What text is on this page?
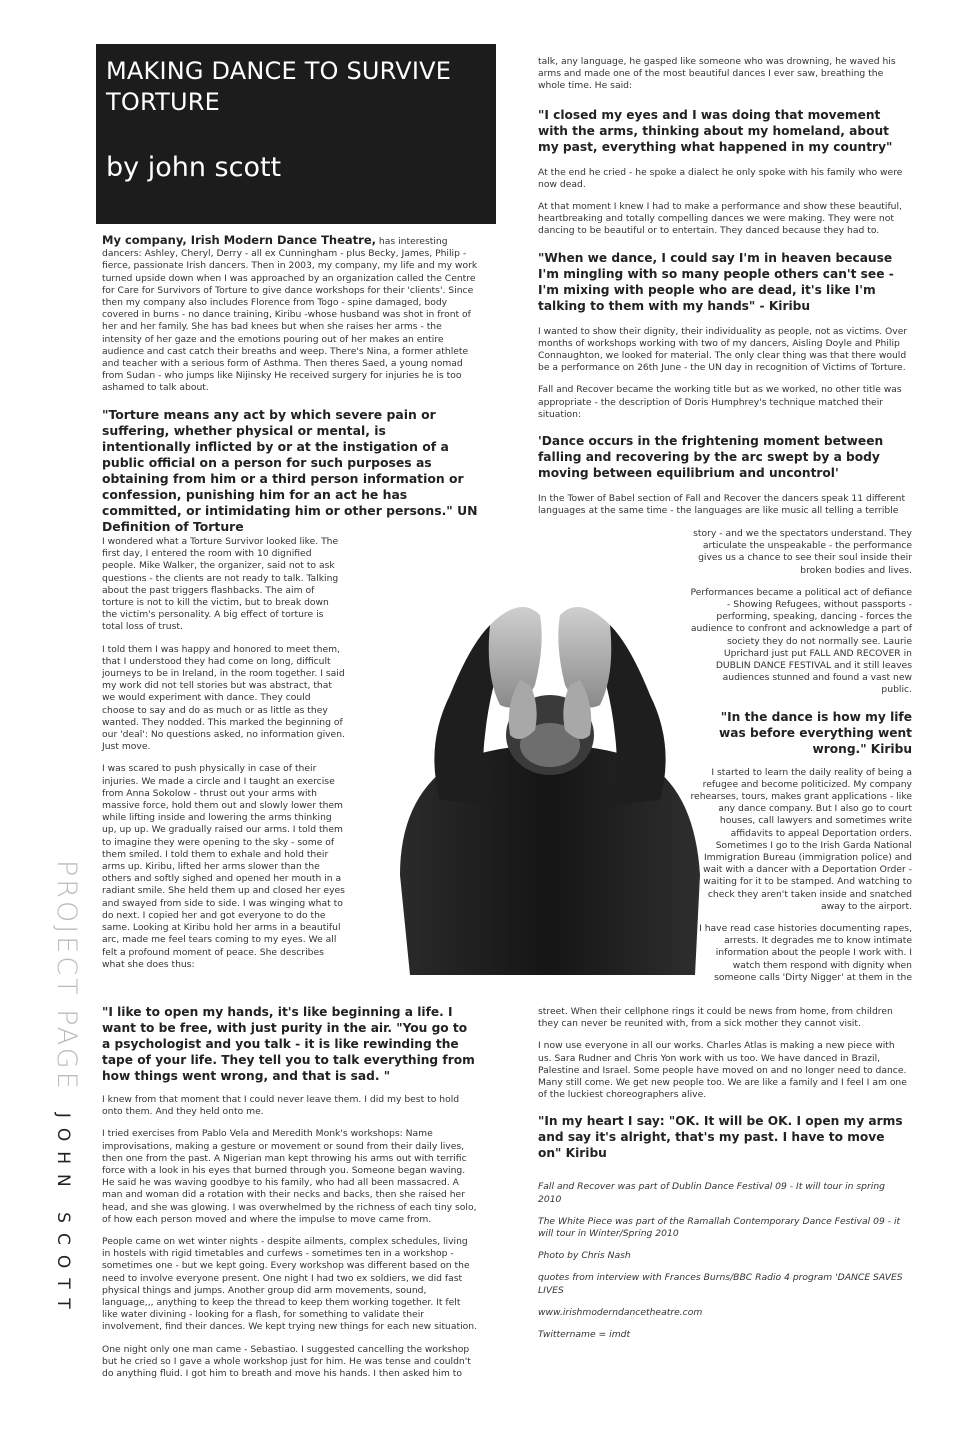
MAKING DANCE TO SURVIVE TORTURE
by john scott
PROJECT PAGE JOHN SCOTT

My company, Irish Modern Dance Theatre, has interesting dancers: Ashley, Cheryl, Derry - all ex Cunningham - plus Becky, James, Philip - fierce, passionate Irish dancers. Then in 2003, my company, my life and my work turned upside down when I was approached by an organization called the Centre for Care for Survivors of Torture to give dance workshops for their 'clients'. Since then my company also includes Florence from Togo - spine damaged, body covered in burns - no dance training, Kiribu -whose husband was shot in front of her and her family. She has bad knees but when she raises her arms - the intensity of her gaze and the emotions pouring out of her makes an entire audience and cast catch their breaths and weep. There's Nina, a former athlete and teacher with a serious form of Asthma. Then theres Saed, a young nomad from Sudan - who jumps like Nijinsky He received surgery for injuries he is too ashamed to talk about.

"Torture means any act by which severe pain or suffering, whether physical or mental, is intentionally inflicted by or at the instigation of a public official on a person for such purposes as obtaining from him or a third person information or confession, punishing him for an act he has committed, or intimidating him or other persons." UN Definition of Torture

I wondered what a Torture Survivor looked like. The first day, I entered the room with 10 dignified people. Mike Walker, the organizer, said not to ask questions - the clients are not ready to talk. Talking about the past triggers flashbacks. The aim of torture is not to kill the victim, but to break down the victim's personality. A big effect of torture is total loss of trust.

I told them I was happy and honored to meet them, that I understood they had come on long, difficult journeys to be in Ireland, in the room together. I said my work did not tell stories but was abstract, that we would experiment with dance. They could choose to say and do as much or as little as they wanted. They nodded. This marked the beginning of our 'deal': No questions asked, no information given. Just move.

I was scared to push physically in case of their injuries. We made a circle and I taught an exercise from Anna Sokolow - thrust out your arms with massive force, hold them out and slowly lower them while lifting inside and lowering the arms thinking up, up up. We gradually raised our arms. I told them to imagine they were opening to the sky - some of them smiled. I told them to exhale and hold their arms up. Kiribu, lifted her arms slower than the others and softly sighed and opened her mouth in a radiant smile. She held them up and closed her eyes and swayed from side to side. I was winging what to do next. I copied her and got everyone to do the same. Looking at Kiribu hold her arms in a beautiful arc, made me feel tears coming to my eyes. We all felt a profound moment of peace. She describes what she does thus:

"I like to open my hands, it's like beginning a life. I want to be free, with just purity in the air. "You go to a psychologist and you talk - it is like rewinding the tape of your life. They tell you to talk everything from how things went wrong, and that is sad. "

I knew from that moment that I could never leave them. I did my best to hold onto them. And they held onto me.

I tried exercises from Pablo Vela and Meredith Monk's workshops: Name improvisations, making a gesture or movement or sound from their daily lives, then one from the past. A Nigerian man kept throwing his arms out with terrific force with a look in his eyes that burned through you. Someone began waving. He said he was waving goodbye to his family, who had all been massacred. A man and woman did a rotation with their necks and backs, then she raised her head, and she was glowing. I was overwhelmed by the richness of each tiny solo, of how each person moved and where the impulse to move came from.

People came on wet winter nights - despite ailments, complex schedules, living in hostels with rigid timetables and curfews - sometimes ten in a workshop - sometimes one - but we kept going. Every workshop was different based on the need to involve everyone present. One night I had two ex soldiers, we did fast physical things and jumps. Another group did arm movements, sound, language,,, anything to keep the thread to keep them working together. It felt like water divining - looking for a flash, for something to validate their involvement, find their dances. We kept trying new things for each new situation.

One night only one man came - Sebastiao. I suggested cancelling the workshop but he cried so I gave a whole workshop just for him. He was tense and couldn't do anything fluid. I got him to breath and move his hands. I then asked him to

talk, any language, he gasped like someone who was drowning, he waved his arms and made one of the most beautiful dances I ever saw, breathing the whole time. He said:

"I closed my eyes and I was doing that movement with the arms, thinking about my homeland, about my past, everything what happened in my country"

At the end he cried - he spoke a dialect he only spoke with his family who were now dead.

At that moment I knew I had to make a performance and show these beautiful, heartbreaking and totally compelling dances we were making. They were not dancing to be beautiful or to entertain. They danced because they had to.

"When we dance, I could say I'm in heaven because I'm mingling with so many people others can't see - I'm mixing with people who are dead, it's like I'm talking to them with my hands" - Kiribu

I wanted to show their dignity, their individuality as people, not as victims. Over months of workshops working with two of my dancers, Aisling Doyle and Philip Connaughton, we looked for material. The only clear thing was that there would be a performance on 26th June - the UN day in recognition of Victims of Torture.

Fall and Recover became the working title but as we worked, no other title was appropriate - the description of Doris Humphrey's technique matched their situation:

'Dance occurs in the frightening moment between falling and recovering by the arc swept by a body moving between equilibrium and uncontrol'

In the Tower of Babel section of Fall and Recover the dancers speak 11 different languages at the same time - the languages are like music all telling a terrible

story - and we the spectators understand. They articulate the unspeakable - the performance gives us a chance to see their soul inside their broken bodies and lives.

Performances became a political act of defiance - Showing Refugees, without passports - performing, speaking, dancing - forces the audience to confront and acknowledge a part of society they do not normally see. Laurie Uprichard just put FALL AND RECOVER in DUBLIN DANCE FESTIVAL and it still leaves audiences stunned and found a vast new public.

"In the dance is how my life was before everything went wrong." Kiribu

I started to learn the daily reality of being a refugee and become politicized. My company rehearses, tours, makes grant applications - like any dance company. But I also go to court houses, call lawyers and sometimes write affidavits to appeal Deportation orders. Sometimes I go to the Irish Garda National Immigration Bureau (immigration police) and wait with a dancer with a Deportation Order - waiting for it to be stamped. And watching to check they aren't taken inside and snatched away to the airport.

I have read case histories documenting rapes, arrests. It degrades me to know intimate information about the people I work with. I watch them respond with dignity when someone calls 'Dirty Nigger' at them in the

street. When their cellphone rings it could be news from home, from children they can never be reunited with, from a sick mother they cannot visit.

I now use everyone in all our works. Charles Atlas is making a new piece with us. Sara Rudner and Chris Yon work with us too. We have danced in Brazil, Palestine and Israel. Some people have moved on and no longer need to dance. Many still come. We get new people too. We are like a family and I feel I am one of the luckiest choreographers alive.

"In my heart I say: "OK. It will be OK. I open my arms and say it's alright, that's my past. I have to move on" Kiribu

Fall and Recover was part of Dublin Dance Festival 09 - It will tour in spring 2010

The White Piece was part of the Ramallah Contemporary Dance Festival 09 - it will tour in Winter/Spring 2010

Photo by Chris Nash

quotes from interview with Frances Burns/BBC Radio 4 program 'DANCE SAVES LIVES

www.irishmoderndancetheatre.com

Twittername = imdt
